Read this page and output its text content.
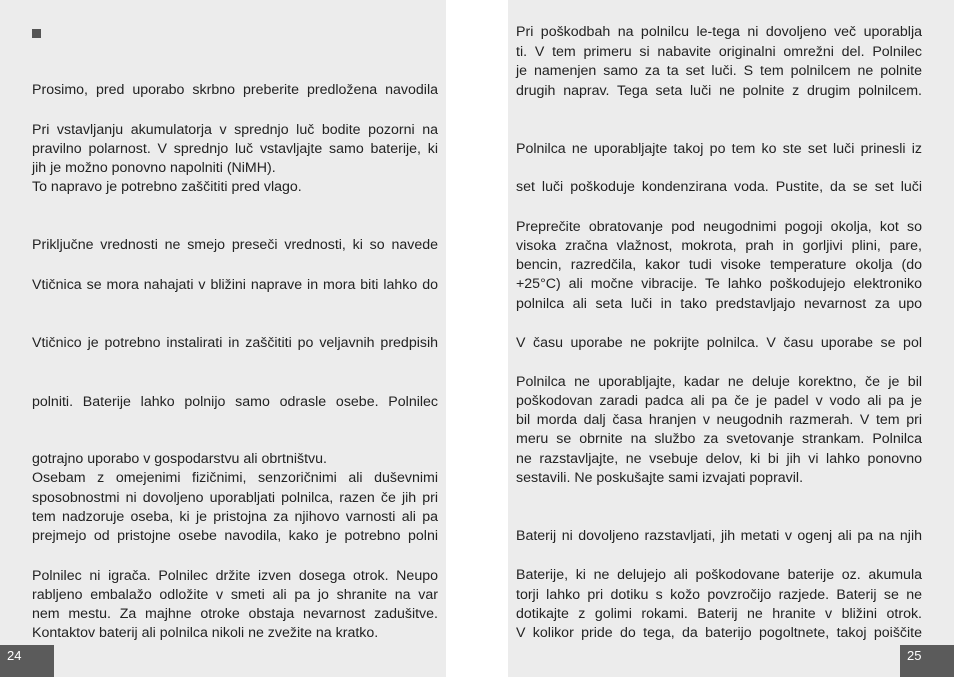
Prosimo, pred uporabo skrbno preberite predložena navodila
Pri vstavljanju akumulatorja v sprednjo luč bodite pozorni na
pravilno polarnost. V sprednjo luč vstavljajte samo baterije, ki
jih je možno ponovno napolniti (NiMH).
To napravo je potrebno zaščititi pred vlago.
Priključne vrednosti ne smejo preseči vrednosti, ki so navede
Vtičnica se mora nahajati v bližini naprave in mora biti lahko do
Vtičnico je potrebno instalirati in zaščititi po veljavnih predpisih
polniti. Baterije lahko polnijo samo odrasle osebe. Polnilec
gotrajno uporabo v gospodarstvu ali obrtništvu.
Osebam z omejenimi fizičnimi, senzoričnimi ali duševnimi
sposobnostmi ni dovoljeno uporabljati polnilca, razen če jih pri
tem nadzoruje oseba, ki je pristojna za njihovo varnosti ali pa
prejmejo od pristojne osebe navodila, kako je potrebno polni
Polnilec ni igrača. Polnilec držite izven dosega otrok. Neupo
rabljeno embalažo odložite v smeti ali pa jo shranite na var
nem mestu. Za majhne otroke obstaja nevarnost zadušitve.
Kontaktov baterij ali polnilca nikoli ne zvežite na kratko.
Pri poškodbah na polnilcu le-tega ni dovoljeno več uporablja
ti. V tem primeru si nabavite originalni omrežni del. Polnilec
je namenjen samo za ta set luči. S tem polnilcem ne polnite
drugih naprav. Tega seta luči ne polnite z drugim polnilcem.
Polnilca ne uporabljajte takoj po tem ko ste set luči prinesli iz
set luči poškoduje kondenzirana voda. Pustite, da se set luči
Preprečite obratovanje pod neugodnimi pogoji okolja, kot so
visoka zračna vlažnost, mokrota, prah in gorljivi plini, pare,
bencin, razredčila, kakor tudi visoke temperature okolja (do
+25°C) ali močne vibracije. Te lahko poškodujejo elektroniko
polnilca ali seta luči in tako predstavljajo nevarnost za upo
V času uporabe ne pokrijte polnilca. V času uporabe se pol
Polnilca ne uporabljajte, kadar ne deluje korektno, če je bil
poškodovan zaradi padca ali pa če je padel v vodo ali pa je
bil morda dalj časa hranjen v neugodnih razmerah. V tem pri
meru se obrnite na službo za svetovanje strankam. Polnilca
ne razstavljajte, ne vsebuje delov, ki bi jih vi lahko ponovno
sestavili. Ne poskušajte sami izvajati popravil.
Baterij ni dovoljeno razstavljati, jih metati v ogenj ali pa na njih
Baterije, ki ne delujejo ali poškodovane baterije oz. akumula
torji lahko pri dotiku s kožo povzročijo razjede. Baterij se ne
dotikajte z golimi rokami. Baterij ne hranite v bližini otrok.
V kolikor pride do tega, da baterijo pogoltnete, takoj poiščite
24	25
